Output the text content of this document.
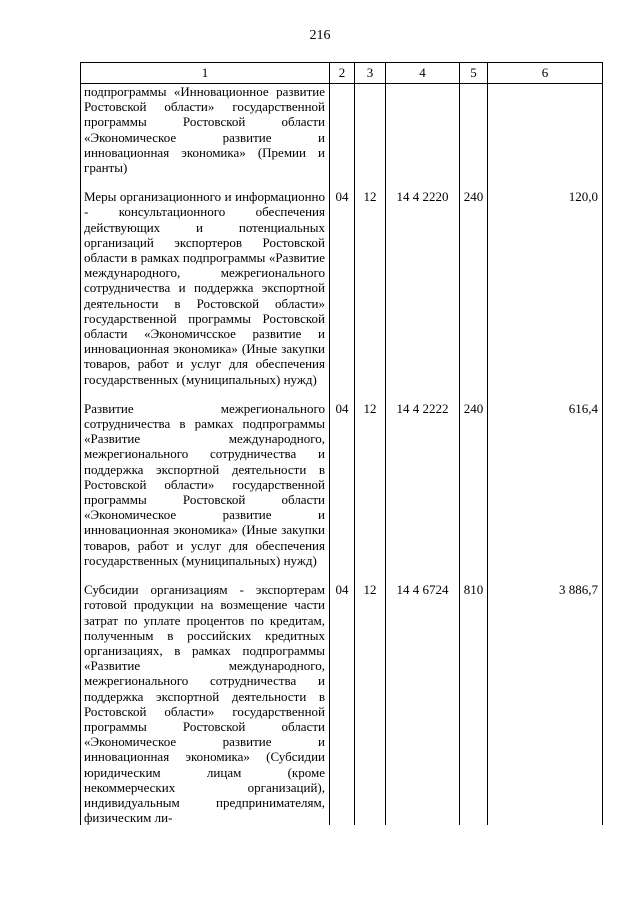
216
1	2	3	4	5	6
подпрограммы «Инновационное развитие Ростовской области» государственной программы Ростовской области «Экономическое развитие и инновационная экономика» (Премии и гранты)					
Меры организационного и информационно - консультационного обеспечения действующих и потенциальных организаций экспортеров Ростовской области в рамках подпрограммы «Развитие международного, межрегионального сотрудничества и поддержка экспортной деятельности в Ростовской области» государственной программы Ростовской области «Экономичсское развитие и инновационная экономика» (Иные закупки товаров, работ и услуг для обеспечения государственных (муниципальных) нужд)	04	12	14 4 2220	240	120,0
Развитие межрегионального сотрудничества в рамках подпрограммы «Развитие международного, межрегионального сотрудничества и поддержка экспортной деятельности в Ростовской области» государственной программы Ростовской области «Экономическое развитие и инновационная экономика» (Иные закупки товаров, работ и услуг для обеспечения государственных (муниципальных) нужд)	04	12	14 4 2222	240	616,4
Субсидии организациям - экспортерам готовой продукции на возмещение части затрат по уплате процентов по кредитам, полученным в российских кредитных организациях, в рамках подпрограммы «Развитие международного, межрегионального сотрудничества и поддержка экспортной деятельности в Ростовской области» государственной программы Ростовской области «Экономическое развитие и инновационная экономика» (Субсидии юридическим лицам (кроме некоммерческих организаций), индивидуальным предпринимателям, физическим ли-	04	12	14 4 6724	810	3 886,7
